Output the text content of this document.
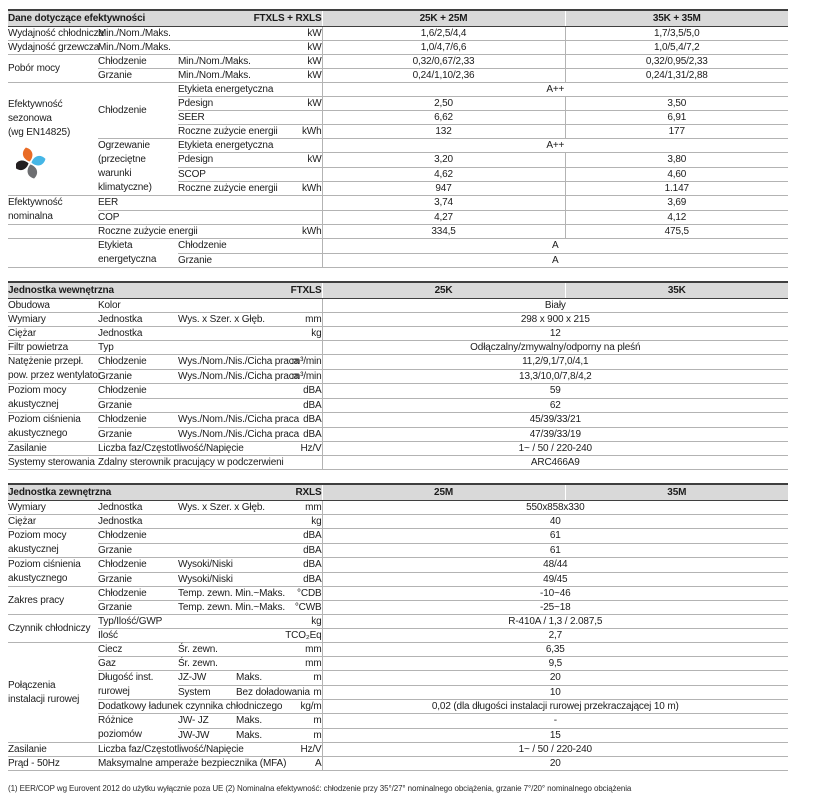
Dane dotyczące efektywności			FTXLS + RXLS		25K + 25M	35K + 35M
Wydajność chłodnicza	Min./Nom./Maks.			kW	1,6/2,5/4,4	1,7/3,5/5,0
Wydajność grzewcza	Min./Nom./Maks.			kW	1,0/4,7/6,6	1,0/5,4/7,2

Pobór mocy	Chłodzenie	Min./Nom./Maks.		kW	0,32/0,67/2,33	0,32/0,95/2,33
	Grzanie	Min./Nom./Maks.		kW	0,24/1,10/2,36	0,24/1,31/2,88

Efektywność
sezonowa
(wg EN14825)	Chłodzenie	Etykieta energetyczna			A++	
		Pdesign		kW	2,50	3,50
		SEER			6,62	6,91
		Roczne zużycie energii		kWh	132	177

	Ogrzewanie
(przeciętne
warunki
klimatyczne)	Etykieta energetyczna			A++	
		Pdesign		kW	3,20	3,80
		SCOP			4,62	4,60
		Roczne zużycie energii		kWh	947	1.147

Efektywność
nominalna	EER				3,74	3,69
	COP				4,27	4,12
	Roczne zużycie energii			kWh	334,5	475,5

	Etykieta
energetyczna	Chłodzenie			A	
		Grzanie			A	
Jednostka wewnętrzna			FTXLS		25K	35K
Obudowa	Kolor				Biały	
Wymiary	Jednostka	Wys. x Szer. x Głęb.		mm	298 x 900 x 215	
Ciężar	Jednostka			kg	12	
Filtr powietrza	Typ				Odłączalny/zmywalny/odporny na pleśń	

Natężenie przepł.
pow. przez wentylator	Chłodzenie	Wys./Nom./Nis./Cicha praca		m³/min	11,2/9,1/7,0/4,1	
	Grzanie	Wys./Nom./Nis./Cicha praca		m³/min	13,3/10,0/7,8/4,2	

Poziom mocy
akustycznej	Chłodzenie			dBA	59	
	Grzanie			dBA	62	

Poziom ciśnienia
akustycznego	Chłodzenie	Wys./Nom./Nis./Cicha praca		dBA	45/39/33/21	
	Grzanie	Wys./Nom./Nis./Cicha praca		dBA	47/39/33/19	
Zasilanie	Liczba faz/Częstotliwość/Napięcie			Hz/V	1~ / 50 / 220-240	
Systemy sterowania	Zdalny sterownik pracujący w podczerwieni				ARC466A9	
Jednostka zewnętrzna			RXLS		25M	35M
Wymiary	Jednostka	Wys. x Szer. x Głęb.		mm	550x858x330	
Ciężar	Jednostka			kg	40	

Poziom mocy
akustycznej	Chłodzenie			dBA	61	
	Grzanie			dBA	61	

Poziom ciśnienia
akustycznego	Chłodzenie	Wysoki/Niski		dBA	48/44	
	Grzanie	Wysoki/Niski		dBA	49/45	

Zakres pracy	Chłodzenie	Temp. zewn. Min.~Maks.		°CDB	-10~46	
	Grzanie	Temp. zewn. Min.~Maks.		°CWB	-25~18	

Czynnik chłodniczy	Typ/Ilość/GWP			kg	R-410A / 1,3 / 2.087,5	
	Ilość			TCO₂Eq	2,7	

Połączenia
instalacji rurowej	Ciecz	Śr. zewn.		mm	6,35	
	Gaz	Śr. zewn.		mm	9,5	

	Długość inst.
rurowej	JZ-JW	Maks.	m	20	
		System	Bez doładowania	m	10	
	Dodatkowy ładunek czynnika chłodniczego			kg/m	0,02 (dla długości instalacji rurowej przekraczającej 10 m)	

	Różnice
poziomów	JW- JZ	Maks.	m	-	
		JW-JW	Maks.	m	15	
Zasilanie	Liczba faz/Częstotliwość/Napięcie			Hz/V	1~ / 50 / 220-240	
Prąd - 50Hz	Maksymalne amperaże bezpiecznika (MFA)			A	20	
(1) EER/COP wg Eurovent 2012 do użytku wyłącznie poza UE (2) Nominalna efektywność: chłodzenie przy 35°/27° nominalnego obciążenia, grzanie 7°/20° nominalnego obciążenia
